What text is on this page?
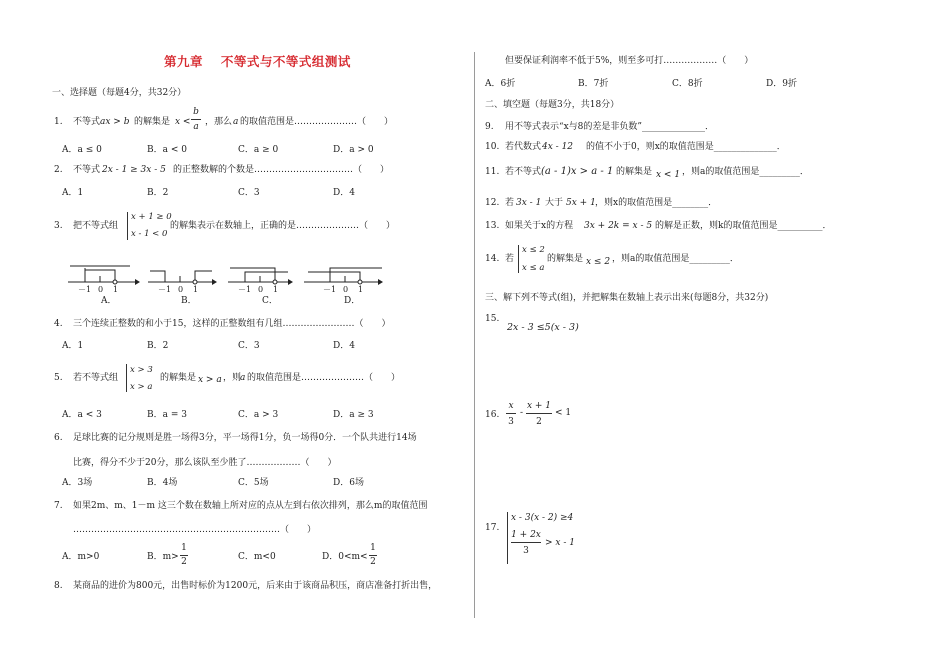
第九章　 不等式与不等式组测试
一、选择题（每题4分，共32分）
1. 不等式 ax > b 的解集是 x <
b
a ，那么 a 的取值范围是…………………（　　）
A．a ≤ 0	B．a < 0	C．a ≥ 0	D．a > 0
2. 不等式 2x - 1 ≥ 3x - 5 的正整数解的个数是……………………………（　　）
A．1	B．2	C．3	D．4
3. 把不等式组
x + 1 ≥ 0
x - 1 < 0
的解集表示在数轴上，正确的是…………………（　　）
－1 0 1	－1 0 1	－1 0 1	－1 0 1
A．	B．	C．	D．
4. 三个连续正整数的和小于15，这样的正整数组有几组……………………（　　）
A．1	B．2	C．3	D．4
5. 若不等式组
x > 3
x > a
的解集是 x > a ，则
a 的取值范围是…………………（　　）
A．a < 3	B．a = 3	C．a > 3	D．a ≥ 3
6. 足球比赛的记分规则是胜一场得3分，平一场得1分，负一场得0分．一个队共进行14场
比赛，得分不少于20分，那么该队至少胜了………………（　　）
A．3场	B．4场	C．5场	D．6场
7. 如果2m、m、1－m 这三个数在数轴上所对应的点从左到右依次排列，那么m的取值范围
……………………………………………………………（　　）
A．m>0	B．m>
1
2	C．m<0	D．0<m<
1
2
8. 某商品的进价为800元，出售时标价为1200元，后来由于该商品积压，商店准备打折出售，
但要保证利润率不低于5%，则至多可打………………（　　）
A．6折	B．7折	C．8折	D．9折
二、填空题（每题3分，共18分）
9. 用不等式表示“x与8的差是非负数”______________．
10. 若代数式 4x - 12 的值不小于0，则x的取值范围是______________．
11. 若不等式 (a - 1)x > a - 1 的解集是 x < 1 ，则a的取值范围是_________．
12. 若 3x - 1 大于 5x + 1 ，则x的取值范围是________．
13. 如果关于x的方程 3x + 2k = x - 5 的解是正数，则k的取值范围是__________．
14. 若
x ≤ 2
x ≤ a
的解集是 x ≤ 2 ，则a的取值范围是_________．
三、解下列不等式(组)，并把解集在数轴上表示出来(每题8分，共32分)
15.
2x - 3 ≤5(x - 3)
16.
x
3
-
x + 1
2
< 1
17.
x - 3(x - 2) ≥4
1 + 2x
3
> x - 1
